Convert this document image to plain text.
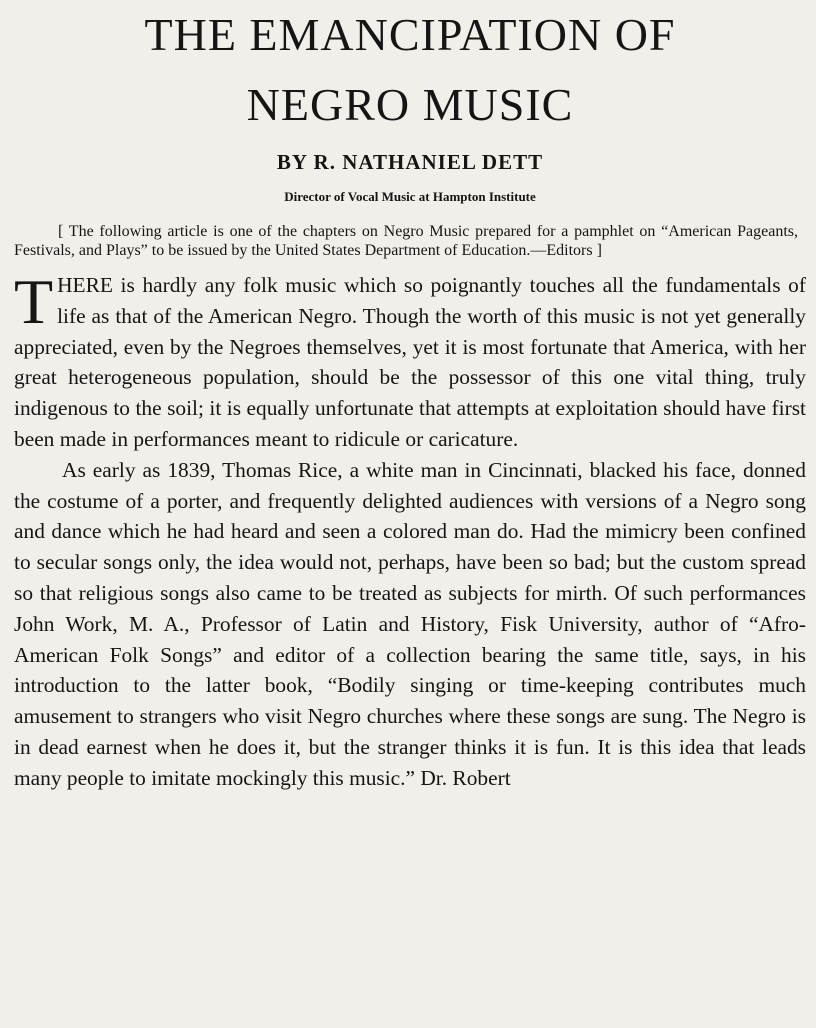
THE EMANCIPATION OF
NEGRO MUSIC
BY R. NATHANIEL DETT
Director of Vocal Music at Hampton Institute
[ The following article is one of the chapters on Negro Music prepared for a pamphlet on “American Pageants, Festivals, and Plays” to be issued by the United States Department of Education.—Editors ]

THERE is hardly any folk music which so poignantly touches all the fundamentals of life as that of the American Negro. Though the worth of this music is not yet generally appreciated, even by the Negroes themselves, yet it is most fortunate that America, with her great heterogeneous population, should be the possessor of this one vital thing, truly indigenous to the soil; it is equally unfortunate that attempts at exploitation should have first been made in performances meant to ridicule or caricature.

As early as 1839, Thomas Rice, a white man in Cincinnati, blacked his face, donned the costume of a porter, and frequently delighted audiences with versions of a Negro song and dance which he had heard and seen a colored man do. Had the mimicry been confined to secular songs only, the idea would not, perhaps, have been so bad; but the custom spread so that religious songs also came to be treated as subjects for mirth. Of such performances John Work, M. A., Professor of Latin and History, Fisk University, author of “Afro-American Folk Songs” and editor of a collection bearing the same title, says, in his introduction to the latter book, “Bodily singing or time-keeping contributes much amusement to strangers who visit Negro churches where these songs are sung. The Negro is in dead earnest when he does it, but the stranger thinks it is fun. It is this idea that leads many people to imitate mockingly this music.” Dr. Robert
